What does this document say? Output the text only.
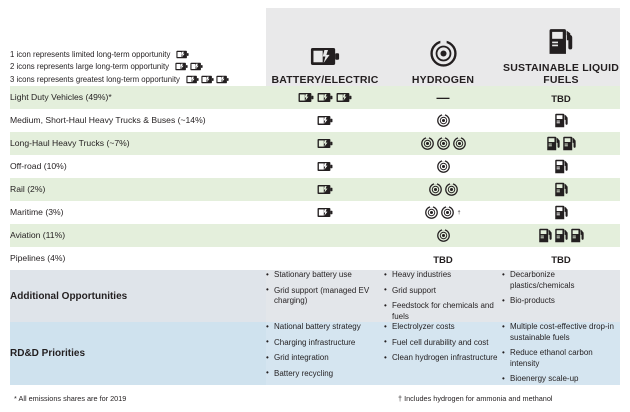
1 icon represents limited long-term opportunity
2 icons represents large long-term opportunity
3 icons represents greatest long-term opportunity	BATTERY/ELECTRIC	HYDROGEN	SUSTAINABLE LIQUID FUELS

Light Duty Vehicles (49%)*		—	TBD
Medium, Short-Haul Heavy Trucks & Buses (~14%)	

Long-Haul Heavy Trucks (~7%)	

Off-road (10%)	

Rail (2%)	

Maritime (3%)		†

Aviation (11%)		

Pipelines (4%)		TBD	TBD
Additional Opportunities	
• Stationary battery use
• Grid support (managed EV charging)

• Heavy industries
• Grid support
• Feedstock for chemicals and fuels

• Decarbonize plastics/chemicals
• Bio-products

RD&D Priorities	
• National battery strategy
• Charging infrastructure
• Grid integration
• Battery recycling

• Electrolyzer costs
• Fuel cell durability and cost
• Clean hydrogen infrastructure

• Multiple cost-effective drop-in sustainable fuels
• Reduce ethanol carbon intensity
• Bioenergy scale-up
* All emissions shares are for 2019	† Includes hydrogen for ammonia and methanol
